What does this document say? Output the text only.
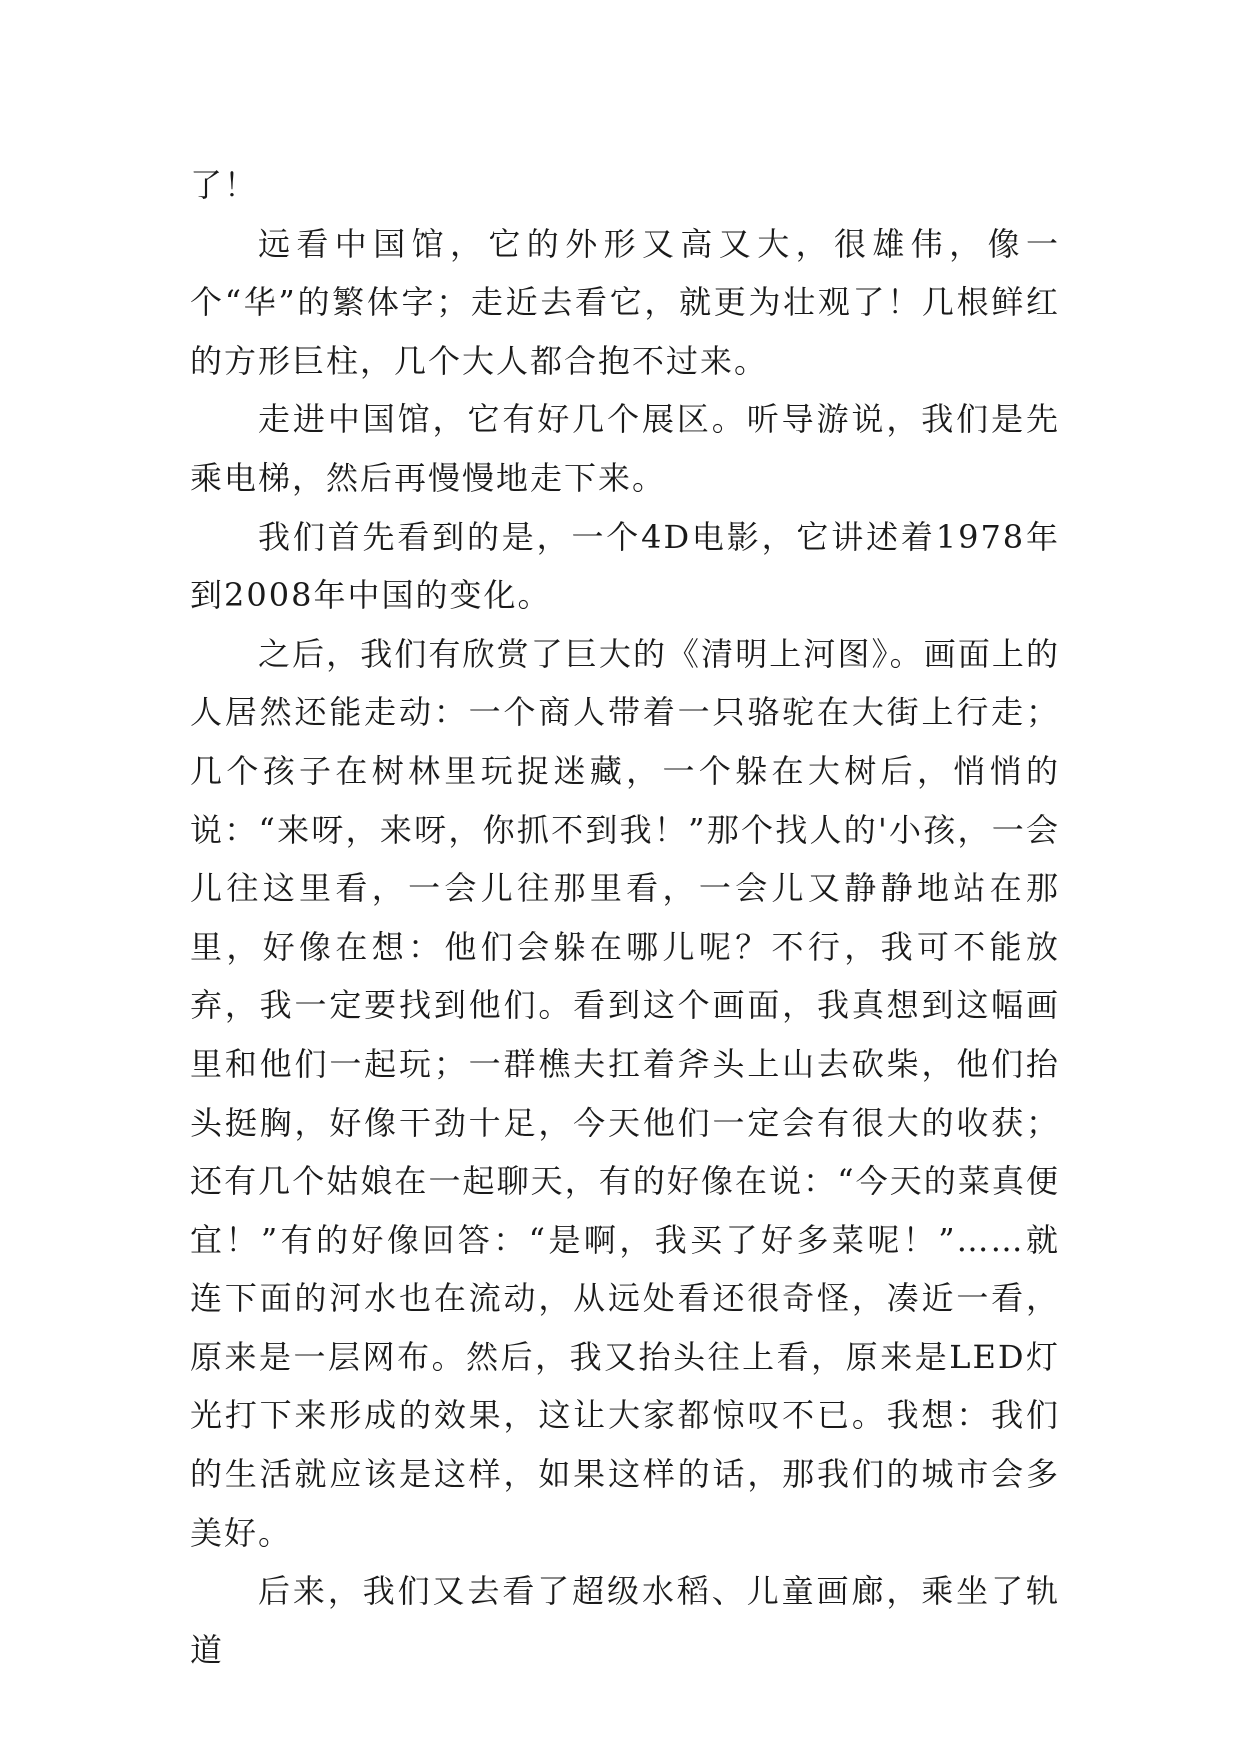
了！

远看中国馆，它的外形又高又大，很雄伟，像一个“华”的繁体字；走近去看它，就更为壮观了！几根鲜红的方形巨柱，几个大人都合抱不过来。

走进中国馆，它有好几个展区。听导游说，我们是先乘电梯，然后再慢慢地走下来。

我们首先看到的是，一个4D电影，它讲述着1978年到2008年中国的变化。

之后，我们有欣赏了巨大的《清明上河图》。画面上的人居然还能走动：一个商人带着一只骆驼在大街上行走；几个孩子在树林里玩捉迷藏，一个躲在大树后，悄悄的说：“来呀，来呀，你抓不到我！”那个找人的'小孩，一会儿往这里看，一会儿往那里看，一会儿又静静地站在那里，好像在想：他们会躲在哪儿呢？不行，我可不能放弃，我一定要找到他们。看到这个画面，我真想到这幅画里和他们一起玩；一群樵夫扛着斧头上山去砍柴，他们抬头挺胸，好像干劲十足，今天他们一定会有很大的收获；还有几个姑娘在一起聊天，有的好像在说：“今天的菜真便宜！”有的好像回答：“是啊，我买了好多菜呢！”……就连下面的河水也在流动，从远处看还很奇怪，凑近一看，原来是一层网布。然后，我又抬头往上看，原来是LED灯光打下来形成的效果，这让大家都惊叹不已。我想：我们的生活就应该是这样，如果这样的话，那我们的城市会多美好。

后来，我们又去看了超级水稻、儿童画廊，乘坐了轨道
